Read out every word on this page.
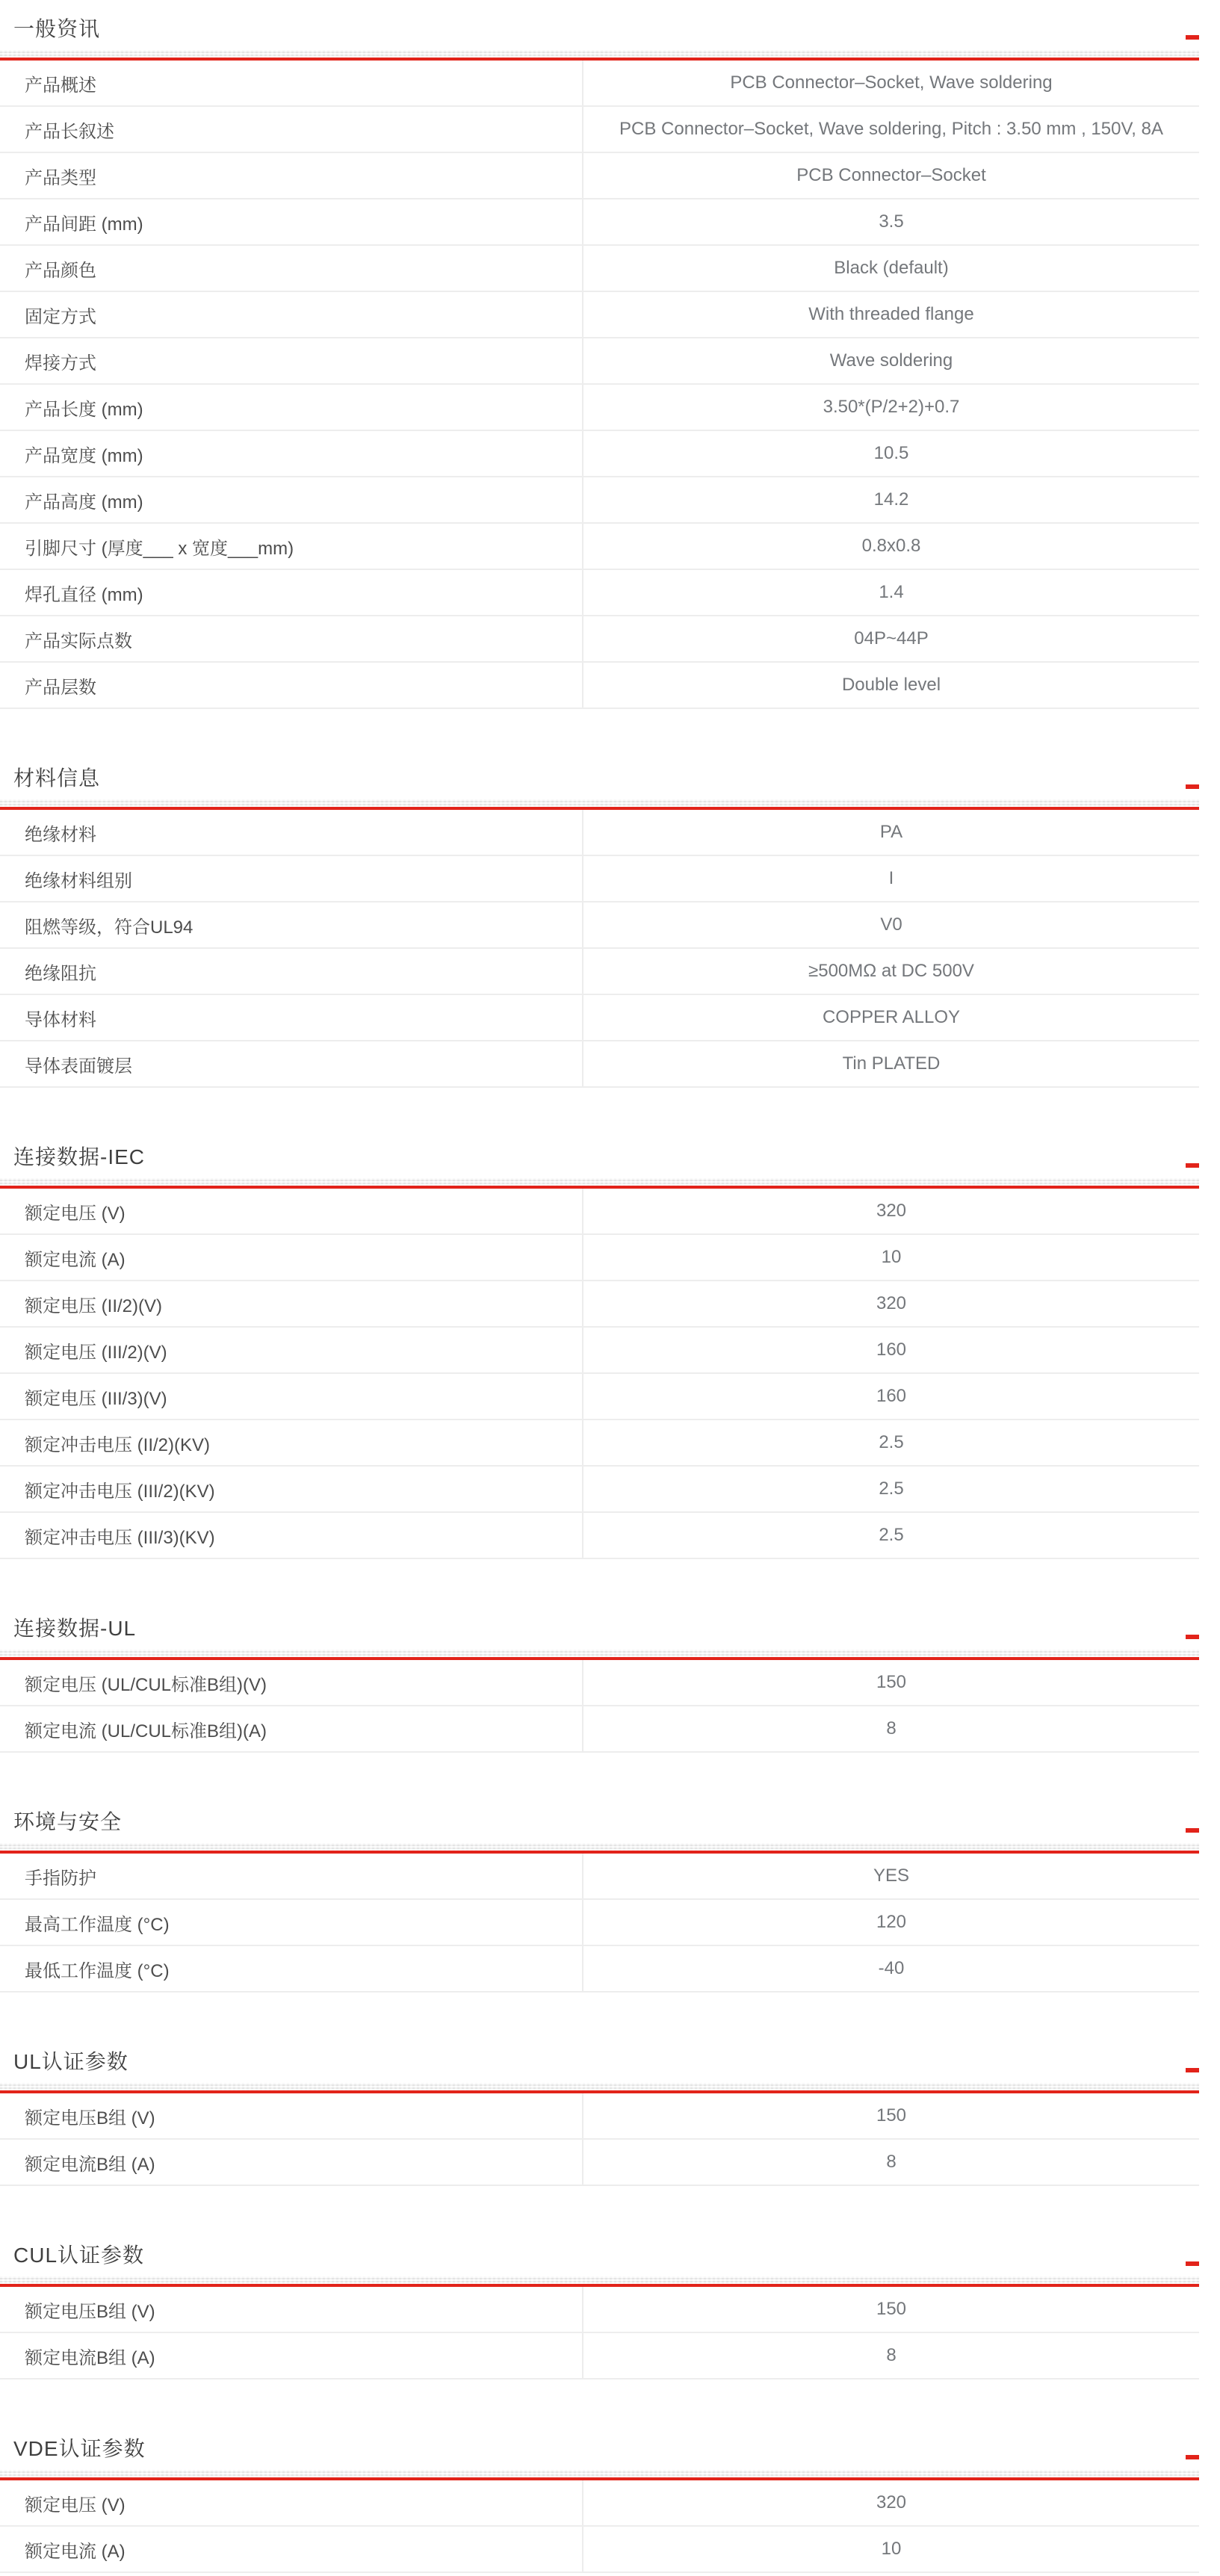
一般资讯
产品概述	PCB Connector–Socket, Wave soldering
产品长叙述	PCB Connector–Socket, Wave soldering, Pitch : 3.50 mm , 150V, 8A
产品类型	PCB Connector–Socket
产品间距 (mm)	3.5
产品颜色	Black (default)
固定方式	With threaded flange
焊接方式	Wave soldering
产品长度 (mm)	3.50*(P/2+2)+0.7
产品宽度 (mm)	10.5
产品高度 (mm)	14.2
引脚尺寸 (厚度___ x 宽度___mm)	0.8x0.8
焊孔直径 (mm)	1.4
产品实际点数	04P~44P
产品层数	Double level
材料信息
绝缘材料	PA
绝缘材料组别	I
阻燃等级，符合UL94	V0
绝缘阻抗	≥500MΩ at DC 500V
导体材料	COPPER ALLOY
导体表面镀层	Tin PLATED
连接数据-IEC
额定电压 (V)	320
额定电流 (A)	10
额定电压 (II/2)(V)	320
额定电压 (III/2)(V)	160
额定电压 (III/3)(V)	160
额定冲击电压 (II/2)(KV)	2.5
额定冲击电压 (III/2)(KV)	2.5
额定冲击电压 (III/3)(KV)	2.5
连接数据-UL
额定电压 (UL/CUL标准B组)(V)	150
额定电流 (UL/CUL标准B组)(A)	8
环境与安全
手指防护	YES
最高工作温度 (°C)	120
最低工作温度 (°C)	-40
UL认证参数
额定电压B组 (V)	150
额定电流B组 (A)	8
CUL认证参数
额定电压B组 (V)	150
额定电流B组 (A)	8
VDE认证参数
额定电压 (V)	320
额定电流 (A)	10
